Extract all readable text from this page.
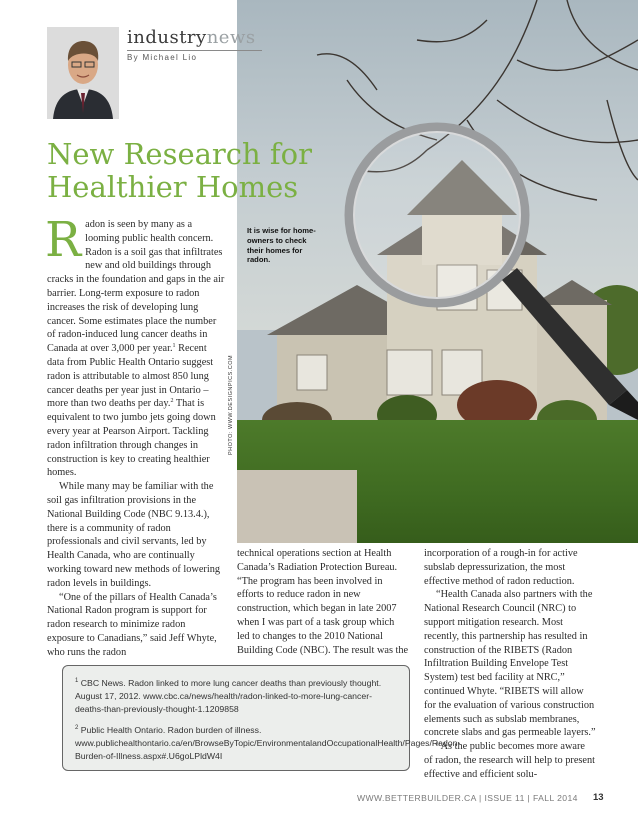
PHOTO: WWW.DESIGNPICS.COM
industrynews
By Michael Lio
New Research for Healthier Homes
It is wise for home-owners to check their homes for radon.

Radon is seen by many as a looming public health concern. Radon is a soil gas that infiltrates new and old buildings through cracks in the foundation and gaps in the air barrier. Long-term exposure to radon increases the risk of developing lung cancer. Some estimates place the number of radon-induced lung cancer deaths in Canada at over 3,000 per year.$^1$ Recent data from Public Health Ontario suggest radon is attributable to almost 850 lung cancer deaths per year just in Ontario – more than two deaths per day.$^2$ That is equivalent to two jumbo jets going down every year at Pearson Airport. Tackling radon infiltration through changes in construction is key to creating healthier homes.

While many may be familiar with the soil gas infiltration provisions in the National Building Code (NBC 9.13.4.), there is a community of radon professionals and civil servants, led by Health Canada, who are continually working toward new methods of lowering radon levels in buildings.

“One of the pillars of Health Canada’s National Radon program is support for radon research to minimize radon exposure to Canadians,” said Jeff Whyte, who runs the radon

technical operations section at Health Canada’s Radiation Protection Bureau. “The program has been involved in efforts to reduce radon in new construction, which began in late 2007 when I was part of a task group which led to changes to the 2010 National Building Code (NBC). The result was the

incorporation of a rough-in for active subslab depressurization, the most effective method of radon reduction.

“Health Canada also partners with the National Research Council (NRC) to support mitigation research. Most recently, this partnership has resulted in construction of the RIBETS (Radon Infiltration Building Envelope Test System) test bed facility at NRC,” continued Whyte. “RIBETS will allow for the evaluation of various construction elements such as subslab membranes, concrete slabs and gas permeable layers.”

“As the public becomes more aware of radon, the research will help to present effective and efficient solu-

$^1$ CBC News. Radon linked to more lung cancer deaths than previously thought. August 17, 2012. www.cbc.ca/news/health/radon-linked-to-more-lung-cancer-deaths-than-previously-thought-1.1209858

$^2$ Public Health Ontario. Radon burden of illness. www.publichealthontario.ca/en/BrowseByTopic/EnvironmentalandOccupationalHealth/Pages/Radon-Burden-of-Illness.aspx#.U6goLPldW4I

WWW.BETTERBUILDER.CA | ISSUE 11 | FALL 2014 13
